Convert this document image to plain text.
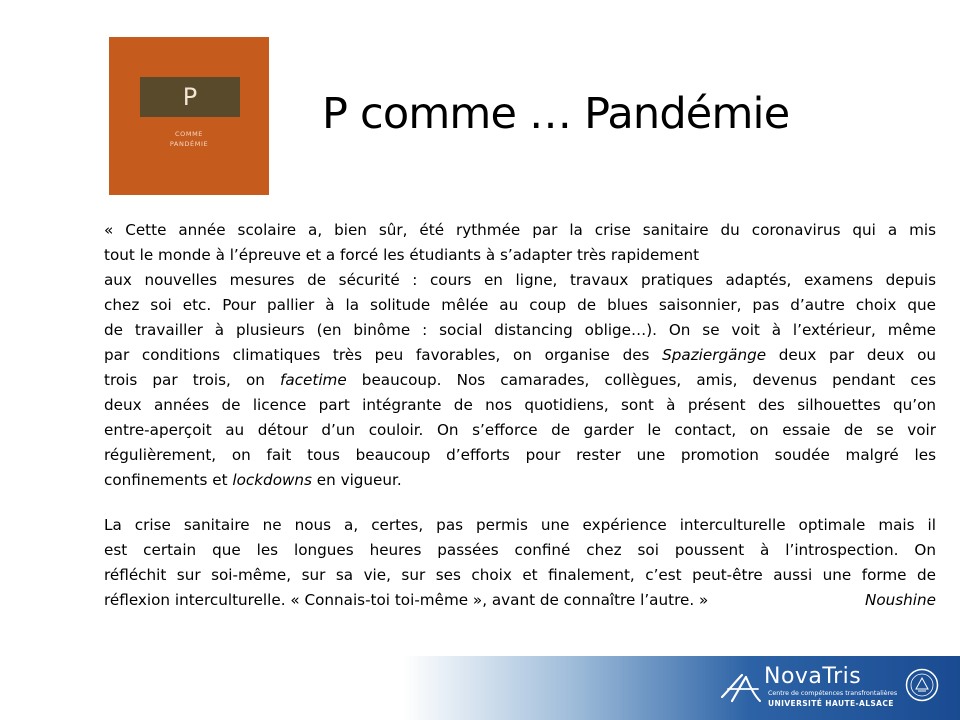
P
COMME
PANDÉMIE
P comme … Pandémie
« Cette année scolaire a, bien sûr, été rythmée par la crise sanitaire du coronavirus qui a mis
tout le monde à l’épreuve et a forcé les étudiants à s’adapter très rapidement
aux nouvelles mesures de sécurité : cours en ligne, travaux pratiques adaptés, examens depuis
chez soi etc. Pour pallier à la solitude mêlée au coup de blues saisonnier, pas d’autre choix que
de travailler à plusieurs (en binôme : social distancing oblige…). On se voit à l’extérieur, même
par conditions climatiques très peu favorables, on organise des Spaziergänge deux par deux ou
trois par trois, on facetime beaucoup. Nos camarades, collègues, amis, devenus pendant ces
deux années de licence part intégrante de nos quotidiens, sont à présent des silhouettes qu’on
entre-aperçoit au détour d’un couloir. On s’efforce de garder le contact, on essaie de se voir
régulièrement, on fait tous beaucoup d’efforts pour rester une promotion soudée malgré les
confinements et lockdowns en vigueur.
La crise sanitaire ne nous a, certes, pas permis une expérience interculturelle optimale mais il
est certain que les longues heures passées confiné chez soi poussent à l’introspection. On
réfléchit sur soi-même, sur sa vie, sur ses choix et finalement, c’est peut-être aussi une forme de
réflexion interculturelle. « Connais-toi toi-même », avant de connaître l’autre. »	Noushine
NovaTris
Centre de compétences transfrontalières
UNIVERSITÉ HAUTE-ALSACE
